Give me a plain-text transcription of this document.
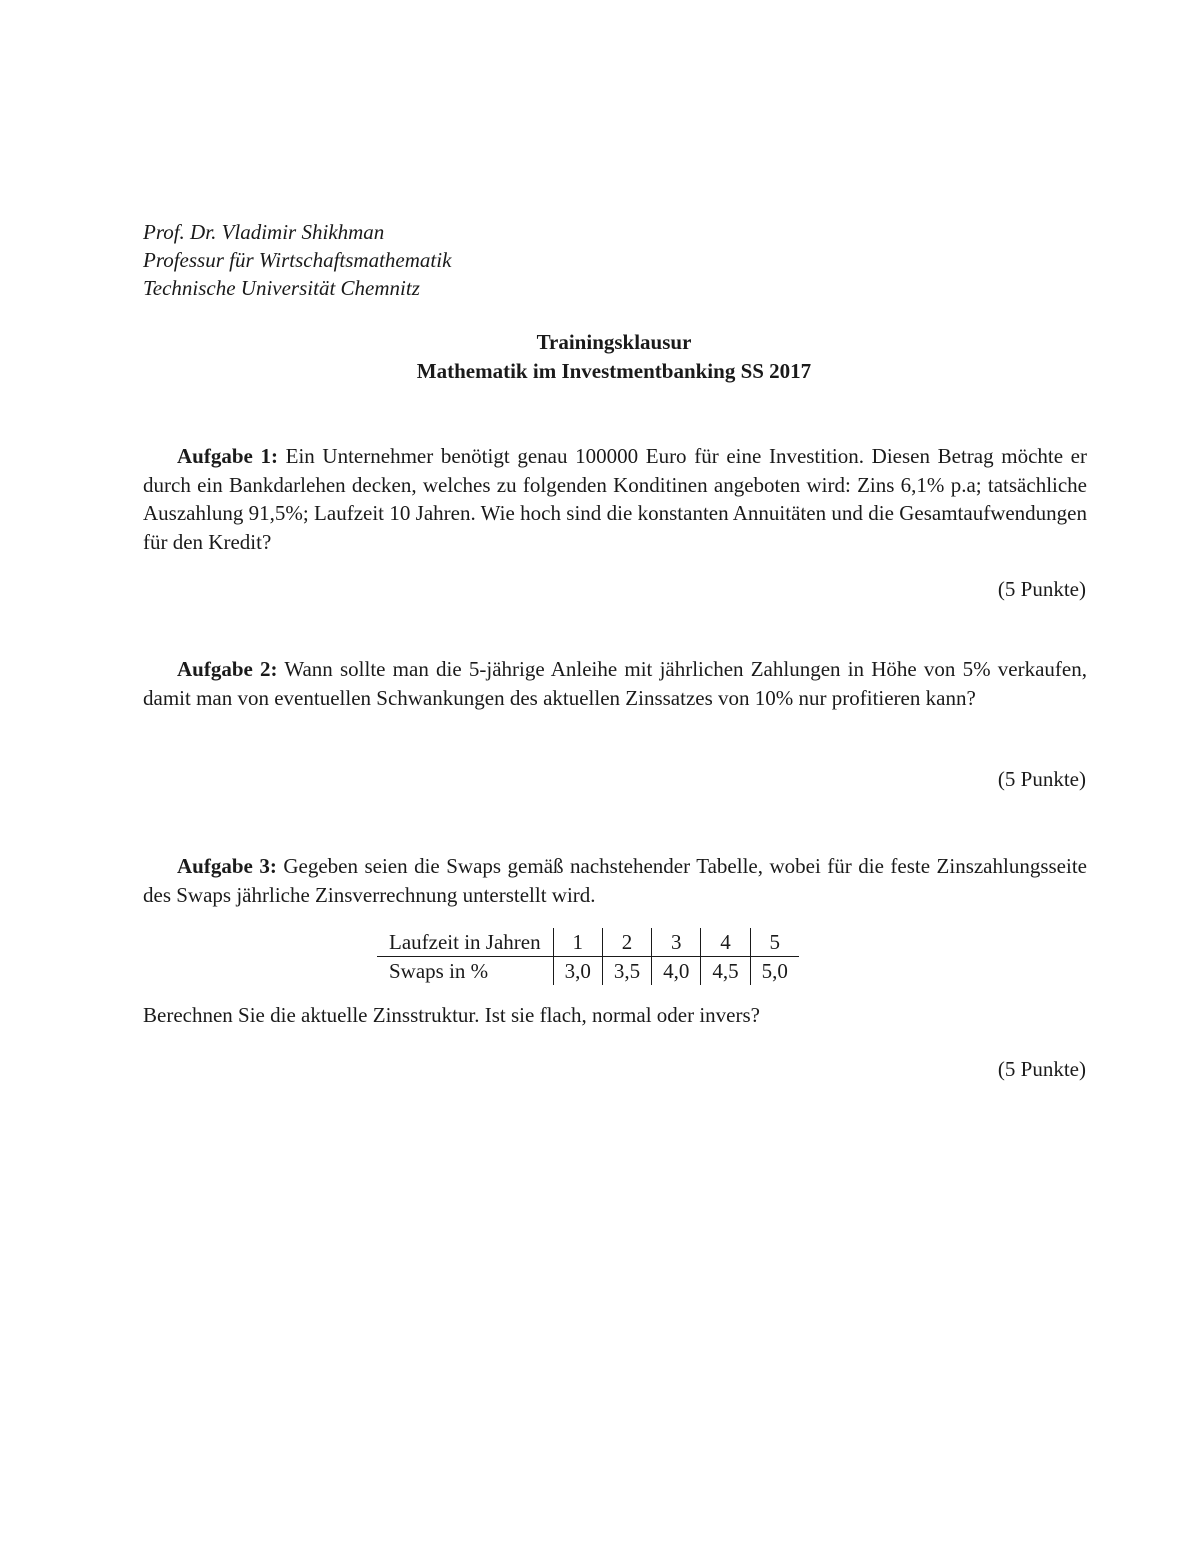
Prof. Dr. Vladimir Shikhman
Professur für Wirtschaftsmathematik
Technische Universität Chemnitz
Trainingsklausur
Mathematik im Investmentbanking SS 2017

Aufgabe 1: Ein Unternehmer benötigt genau 100000 Euro für eine Investition. Diesen Betrag möchte er durch ein Bankdarlehen decken, welches zu folgenden Konditinen angeboten wird: Zins 6,1% p.a; tatsächliche Auszahlung 91,5%; Laufzeit 10 Jahren. Wie hoch sind die konstanten Annuitäten und die Gesamtaufwendungen für den Kredit?

(5 Punkte)

Aufgabe 2: Wann sollte man die 5-jährige Anleihe mit jährlichen Zahlungen in Höhe von 5% verkaufen, damit man von eventuellen Schwankungen des aktuellen Zinssatzes von 10% nur profitieren kann?

(5 Punkte)

Aufgabe 3: Gegeben seien die Swaps gemäß nachstehender Tabelle, wobei für die feste Zinszahlungsseite des Swaps jährliche Zinsverrechnung unterstellt wird.

Laufzeit in Jahren	1	2	3	4	5
Swaps in %	3,0	3,5	4,0	4,5	5,0
Berechnen Sie die aktuelle Zinsstruktur. Ist sie flach, normal oder invers?
(5 Punkte)
